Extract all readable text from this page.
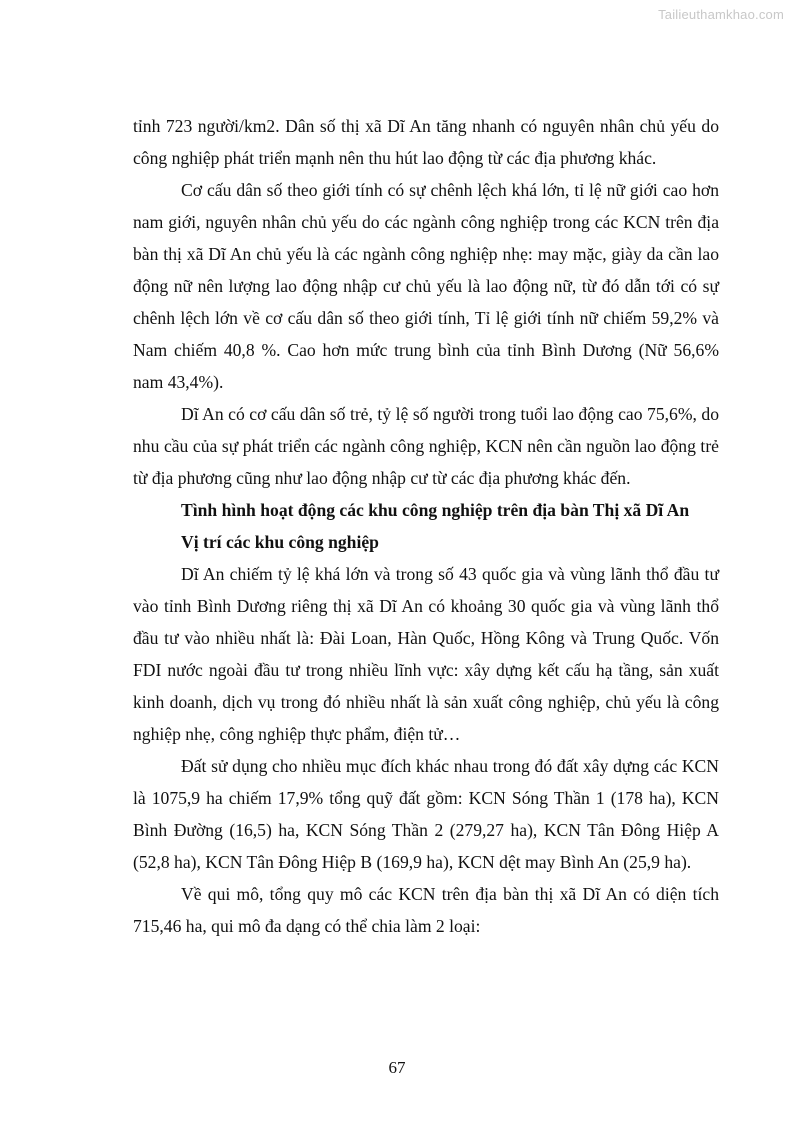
Tailieuthamkhao.com

tỉnh 723 người/km2. Dân số thị xã Dĩ An tăng nhanh có nguyên nhân chủ yếu do công nghiệp phát triển mạnh nên thu hút lao động từ các địa phương khác.

Cơ cấu dân số theo giới tính có sự chênh lệch khá lớn, tỉ lệ nữ giới cao hơn nam giới, nguyên nhân chủ yếu do các ngành công nghiệp trong các KCN trên địa bàn thị xã Dĩ An chủ yếu là các ngành công nghiệp nhẹ: may mặc, giày da cần lao động nữ nên lượng lao động nhập cư chủ yếu là lao động nữ, từ đó dẫn tới có sự chênh lệch lớn về cơ cấu dân số theo giới tính, Tỉ lệ giới tính nữ chiếm 59,2% và Nam chiếm 40,8 %. Cao hơn mức trung bình của tỉnh Bình Dương (Nữ 56,6% nam 43,4%).

Dĩ An có cơ cấu dân số trẻ, tỷ lệ số người trong tuổi lao động cao 75,6%, do nhu cầu của sự phát triển các ngành công nghiệp, KCN nên cần nguồn lao động trẻ từ địa phương cũng như lao động nhập cư từ các địa phương khác đến.

Tình hình hoạt động các khu công nghiệp trên địa bàn Thị xã Dĩ An

Vị trí các khu công nghiệp

Dĩ An chiếm tỷ lệ khá lớn và trong số 43 quốc gia và vùng lãnh thổ đầu tư vào tỉnh Bình Dương riêng thị xã Dĩ An có khoảng 30 quốc gia và vùng lãnh thổ đầu tư vào nhiều nhất là: Đài Loan, Hàn Quốc, Hồng Kông và Trung Quốc. Vốn FDI nước ngoài đầu tư trong nhiều lĩnh vực: xây dựng kết cấu hạ tầng, sản xuất kinh doanh, dịch vụ trong đó nhiều nhất là sản xuất công nghiệp, chủ yếu là công nghiệp nhẹ, công nghiệp thực phẩm, điện tử…

Đất sử dụng cho nhiều mục đích khác nhau trong đó đất xây dựng các KCN là 1075,9 ha chiếm 17,9% tổng quỹ đất gồm: KCN Sóng Thần 1 (178 ha), KCN Bình Đường (16,5) ha, KCN Sóng Thần 2 (279,27 ha), KCN Tân Đông Hiệp A (52,8 ha), KCN Tân Đông Hiệp B (169,9 ha), KCN dệt may Bình An (25,9 ha).

Về qui mô, tổng quy mô các KCN trên địa bàn thị xã Dĩ An có diện tích 715,46 ha, qui mô đa dạng có thể chia làm 2 loại:

67
